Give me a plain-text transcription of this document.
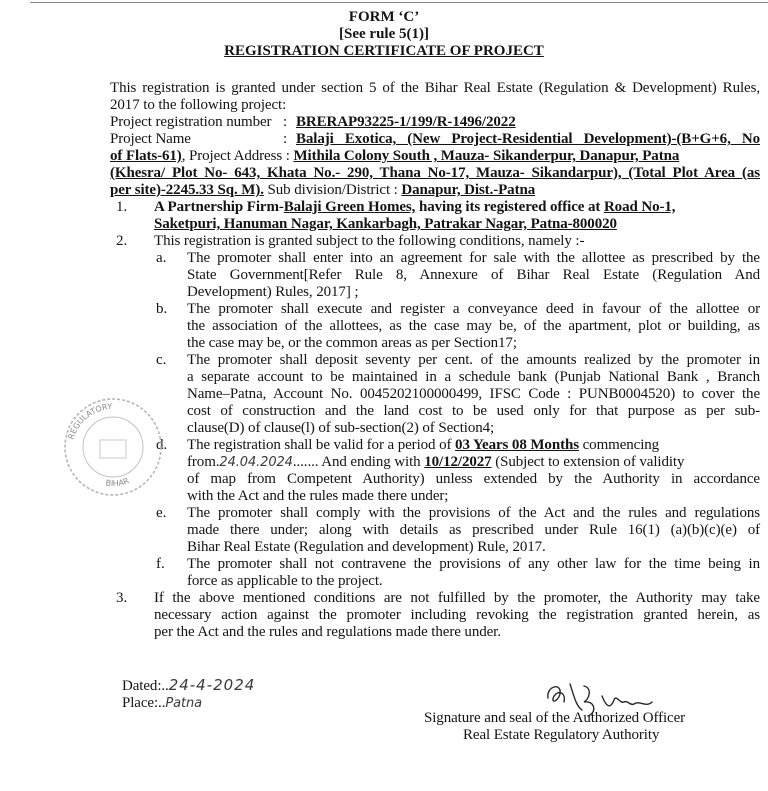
FORM ‘C’
[See rule 5(1)]
REGISTRATION CERTIFICATE OF PROJECT
This registration is granted under section 5 of the Bihar Real Estate (Regulation & Development) Rules,
2017 to the following project:
Project registration number : BRERAP93225-1/199/R-1496/2022
Project Name	: Balaji Exotica, (New Project-Residential Development)-(B+G+6, No
of Flats-61), Project Address : Mithila Colony South , Mauza- Sikanderpur, Danapur, Patna
(Khesra/ Plot No- 643, Khata No.- 290, Thana No-17, Mauza- Sikandarpur), (Total Plot Area (as
per site)-2245.33 Sq. M). Sub division/District : Danapur, Dist.-Patna
1. A Partnership Firm-Balaji Green Homes, having its registered office at Road No-1,
Saketpuri, Hanuman Nagar, Kankarbagh, Patrakar Nagar, Patna-800020
2. This registration is granted subject to the following conditions, namely :-
a. The promoter shall enter into an agreement for sale with the allottee as prescribed by the
State Government[Refer Rule 8, Annexure of Bihar Real Estate (Regulation And
Development) Rules, 2017] ;
b. The promoter shall execute and register a conveyance deed in favour of the allottee or
the association of the allottees, as the case may be, of the apartment, plot or building, as
the case may be, or the common areas as per Section17;
c. The promoter shall deposit seventy per cent. of the amounts realized by the promoter in
a separate account to be maintained in a schedule bank (Punjab National Bank , Branch
Name–Patna, Account No. 0045202100000499, IFSC Code : PUNB0004520) to cover the
cost of construction and the land cost to be used only for that purpose as per sub-
clause(D) of clause(l) of sub-section(2) of Section4;
d. The registration shall be valid for a period of 03 Years 08 Months commencing
from.24.04.2024....... And ending with 10/12/2027 (Subject to extension of validity
of map from Competent Authority) unless extended by the Authority in accordance
with the Act and the rules made there under;
e. The promoter shall comply with the provisions of the Act and the rules and regulations
made there under; along with details as prescribed under Rule 16(1) (a)(b)(c)(e) of
Bihar Real Estate (Regulation and development) Rule, 2017.
f. The promoter shall not contravene the provisions of any other law for the time being in
force as applicable to the project.
3. If the above mentioned conditions are not fulfilled by the promoter, the Authority may take
necessary action against the promoter including revoking the registration granted herein, as
per the Act and the rules and regulations made there under.
Dated:..24-4-2024
Place:..Patna
Signature and seal of the Authorized Officer
Real Estate Regulatory Authority
REGULATORY
BIHAR
